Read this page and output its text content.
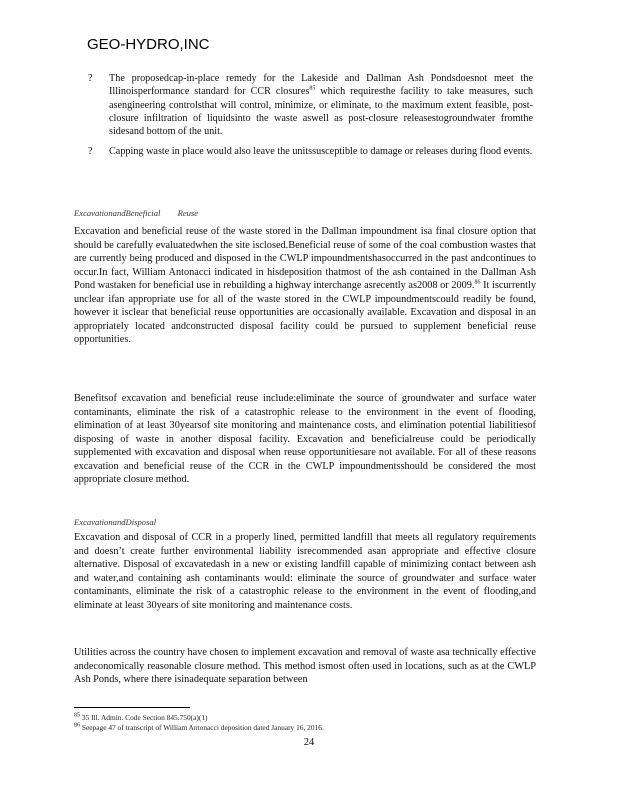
GEO-HYDRO,INC
?	The proposedcap-in-place remedy for the Lakeside and Dallman Ash Pondsdoesnot meet the Illinoisperformance standard for CCR closures$^{85}$ which requiresthe facility to take measures, such asengineering controlsthat will control, minimize, or eliminate, to the maximum extent feasible, post-closure infiltration of liquidsinto the waste aswell as post-closure releasestogroundwater fromthe sidesand bottom of the unit.
?	Capping waste in place would also leave the unitssusceptible to damage or releases during flood events.
ExcavationandBeneficial        Reuse
Excavation and beneficial reuse of the waste stored in the Dallman impoundment isa final closure option that should be carefully evaluatedwhen the site isclosed.Beneficial reuse of some of the coal combustion wastes that are currently being produced and disposed in the CWLP impoundmentshasoccurred in the past andcontinues to occur.In fact, William Antonacci indicated in hisdeposition thatmost of the ash contained in the Dallman Ash Pond wastaken for beneficial use in rebuilding a highway interchange asrecently as2008 or 2009.86 It iscurrently unclear ifan appropriate use for all of the waste stored in the CWLP impoundmentscould readily be found, however it isclear that beneficial reuse opportunities are occasionally available. Excavation and disposal in an appropriately located andconstructed disposal facility could be pursued to supplement beneficial reuse opportunities.
Benefitsof excavation and beneficial reuse include:eliminate the source of groundwater and surface water contaminants, eliminate the risk of a catastrophic release to the environment in the event of flooding, elimination of at least 30yearsof site monitoring and maintenance costs, and elimination potential liabilitiesof disposing of waste in another disposal facility. Excavation and beneficialreuse could be periodically supplemented with excavation and disposal when reuse opportunitiesare not available. For all of these reasons excavation and beneficial reuse of the CCR in the CWLP impoundmentsshould be considered the most appropriate closure method.
ExcavationandDisposal
Excavation and disposal of CCR in a properly lined, permitted landfill that meets all regulatory requirements and doesn’t create further environmental liability isrecommended asan appropriate and effective closure alternative. Disposal of excavatedash in a new or existing landfill capable of minimizing contact between ash and water,and containing ash contaminants would: eliminate the source of groundwater and surface water contaminants, eliminate the risk of a catastrophic release to the environment in the event of flooding,and eliminate at least 30years of site monitoring and maintenance costs.
Utilities across the country have chosen to implement excavation and removal of waste asa technically effective andeconomically reasonable closure method. This method ismost often used in locations, such as at the CWLP Ash Ponds, where there isinadequate separation between
$^{85}$ 35 Ill. Admin. Code Section 845.750(a)(1)
$^{86}$ Seepage 47 of transcript of William Antonacci deposition dated January 16, 2016.
24
